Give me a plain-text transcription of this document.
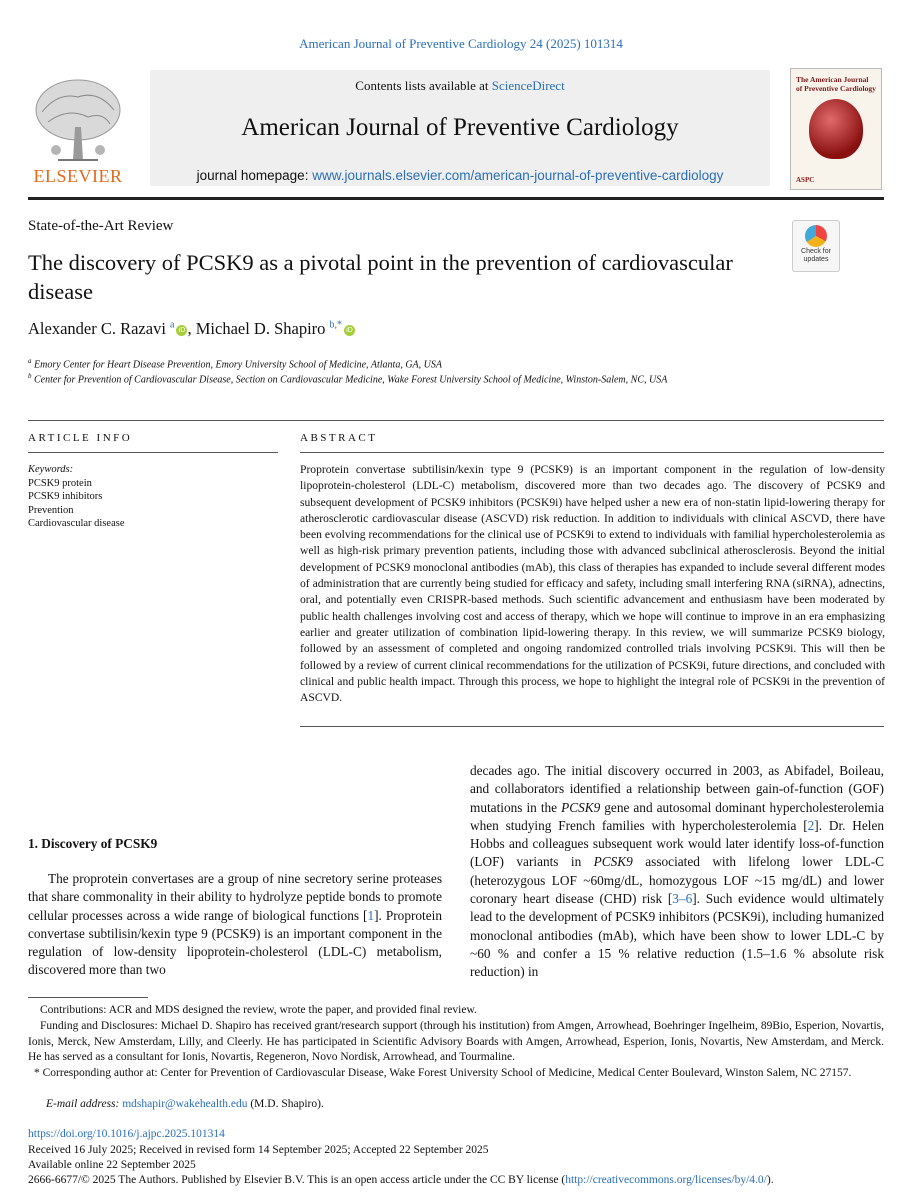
American Journal of Preventive Cardiology 24 (2025) 101314
ELSEVIER
Contents lists available at ScienceDirect
American Journal of Preventive Cardiology
journal homepage: www.journals.elsevier.com/american-journal-of-preventive-cardiology
The American Journal of Preventive Cardiology
ASPC
State-of-the-Art Review
Check for updates
The discovery of PCSK9 as a pivotal point in the prevention of cardiovascular disease
Alexander C. Razavi $^a$ iD , Michael D. Shapiro $^{b,*}$ iD
$^a$ Emory Center for Heart Disease Prevention, Emory University School of Medicine, Atlanta, GA, USA
$^b$ Center for Prevention of Cardiovascular Disease, Section on Cardiovascular Medicine, Wake Forest University School of Medicine, Winston-Salem, NC, USA
ARTICLE INFO	ABSTRACT
Keywords:
PCSK9 protein
PCSK9 inhibitors
Prevention
Cardiovascular disease
Proprotein convertase subtilisin/kexin type 9 (PCSK9) is an important component in the regulation of low-density lipoprotein-cholesterol (LDL-C) metabolism, discovered more than two decades ago. The discovery of PCSK9 and subsequent development of PCSK9 inhibitors (PCSK9i) have helped usher a new era of non-statin lipid-lowering therapy for atherosclerotic cardiovascular disease (ASCVD) risk reduction. In addition to individuals with clinical ASCVD, there have been evolving recommendations for the clinical use of PCSK9i to extend to individuals with familial hypercholesterolemia as well as high-risk primary prevention patients, including those with advanced subclinical atherosclerosis. Beyond the initial development of PCSK9 monoclonal antibodies (mAb), this class of therapies has expanded to include several different modes of administration that are currently being studied for efficacy and safety, including small interfering RNA (siRNA), adnectins, oral, and potentially even CRISPR-based methods. Such scientific advancement and enthusiasm have been moderated by public health challenges involving cost and access of therapy, which we hope will continue to improve in an era emphasizing earlier and greater utilization of combination lipid-lowering therapy. In this review, we will summarize PCSK9 biology, followed by an assessment of completed and ongoing randomized controlled trials involving PCSK9i. This will then be followed by a review of current clinical recommendations for the utilization of PCSK9i, future directions, and concluded with clinical and public health impact. Through this process, we hope to highlight the integral role of PCSK9i in the prevention of ASCVD.
1. Discovery of PCSK9
The proprotein convertases are a group of nine secretory serine proteases that share commonality in their ability to hydrolyze peptide bonds to promote cellular processes across a wide range of biological functions [1]. Proprotein convertase subtilisin/kexin type 9 (PCSK9) is an important component in the regulation of low-density lipoprotein-cholesterol (LDL-C) metabolism, discovered more than two
decades ago. The initial discovery occurred in 2003, as Abifadel, Boileau, and collaborators identified a relationship between gain-of-function (GOF) mutations in the PCSK9 gene and autosomal dominant hypercholesterolemia when studying French families with hypercholesterolemia [2]. Dr. Helen Hobbs and colleagues subsequent work would later identify loss-of-function (LOF) variants in PCSK9 associated with lifelong lower LDL-C (heterozygous LOF ~60mg/dL, homozygous LOF ~15 mg/dL) and lower coronary heart disease (CHD) risk [3–6]. Such evidence would ultimately lead to the development of PCSK9 inhibitors (PCSK9i), including humanized monoclonal antibodies (mAb), which have been show to lower LDL-C by ~60 % and confer a 15 % relative reduction (1.5–1.6 % absolute risk reduction) in
Contributions: ACR and MDS designed the review, wrote the paper, and provided final review.
Funding and Disclosures: Michael D. Shapiro has received grant/research support (through his institution) from Amgen, Arrowhead, Boehringer Ingelheim, 89Bio, Esperion, Novartis, Ionis, Merck, New Amsterdam, Lilly, and Cleerly. He has participated in Scientific Advisory Boards with Amgen, Arrowhead, Esperion, Ionis, Novartis, New Amsterdam, and Merck. He has served as a consultant for Ionis, Novartis, Regeneron, Novo Nordisk, Arrowhead, and Tourmaline.
* Corresponding author at: Center for Prevention of Cardiovascular Disease, Wake Forest University School of Medicine, Medical Center Boulevard, Winston Salem, NC 27157.
E-mail address: mdshapir@wakehealth.edu (M.D. Shapiro).
https://doi.org/10.1016/j.ajpc.2025.101314
Received 16 July 2025; Received in revised form 14 September 2025; Accepted 22 September 2025
Available online 22 September 2025
2666-6677/© 2025 The Authors. Published by Elsevier B.V. This is an open access article under the CC BY license (http://creativecommons.org/licenses/by/4.0/).
